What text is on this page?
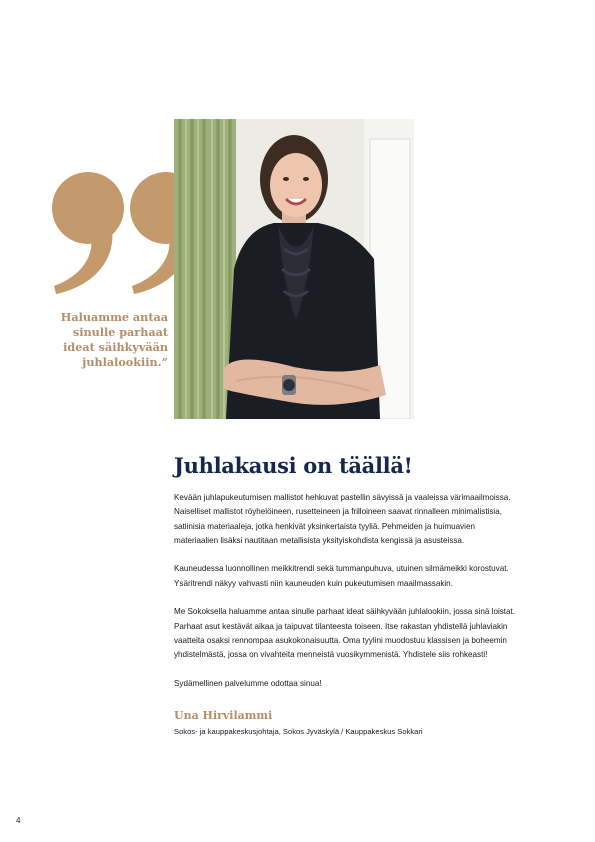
Haluamme antaa
sinulle parhaat
ideat säihkyvään
juhlalookiin.”
Juhlakausi on täällä!

Kevään juhlapukeutumisen mallistot hehkuvat pastellin sävyissä ja vaaleissa värimaailmoissa. Naiselliset mallistot röyhelöineen, rusetteineen ja frilloineen saavat rinnalleen minimalistisia, satiinisia materiaaleja, jotka henkivät yksinkertaista tyyliä. Pehmeiden ja huimuavien materiaalien lisäksi nautitaan metallisista yksityiskohdista kengissä ja asusteissa.

Kauneudessa luonnollinen meikkitrendi sekä tummanpuhuva, utuinen silmämeikki korostuvat. Ysäritrendi näkyy vahvasti niin kauneuden kuin pukeutumisen maailmassakin.

Me Sokoksella haluamme antaa sinulle parhaat ideat säihkyvään juhlalookiin, jossa sinä loistat. Parhaat asut kestävät aikaa ja taipuvat tilanteesta toiseen. Itse rakastan yhdistellä juhlaviakin vaatteita osaksi rennompaa asukokonaisuutta. Oma tyylini muodostuu klassisen ja boheemin yhdistelmästä, jossa on vivahteita menneistä vuosikymmenistä. Yhdistele siis rohkeasti!

Sydämellinen palvelumme odottaa sinua!

Una Hirvilammi
Sokos- ja kauppakeskusjohtaja, Sokos Jyväskylä / Kauppakeskus Sokkari
4
